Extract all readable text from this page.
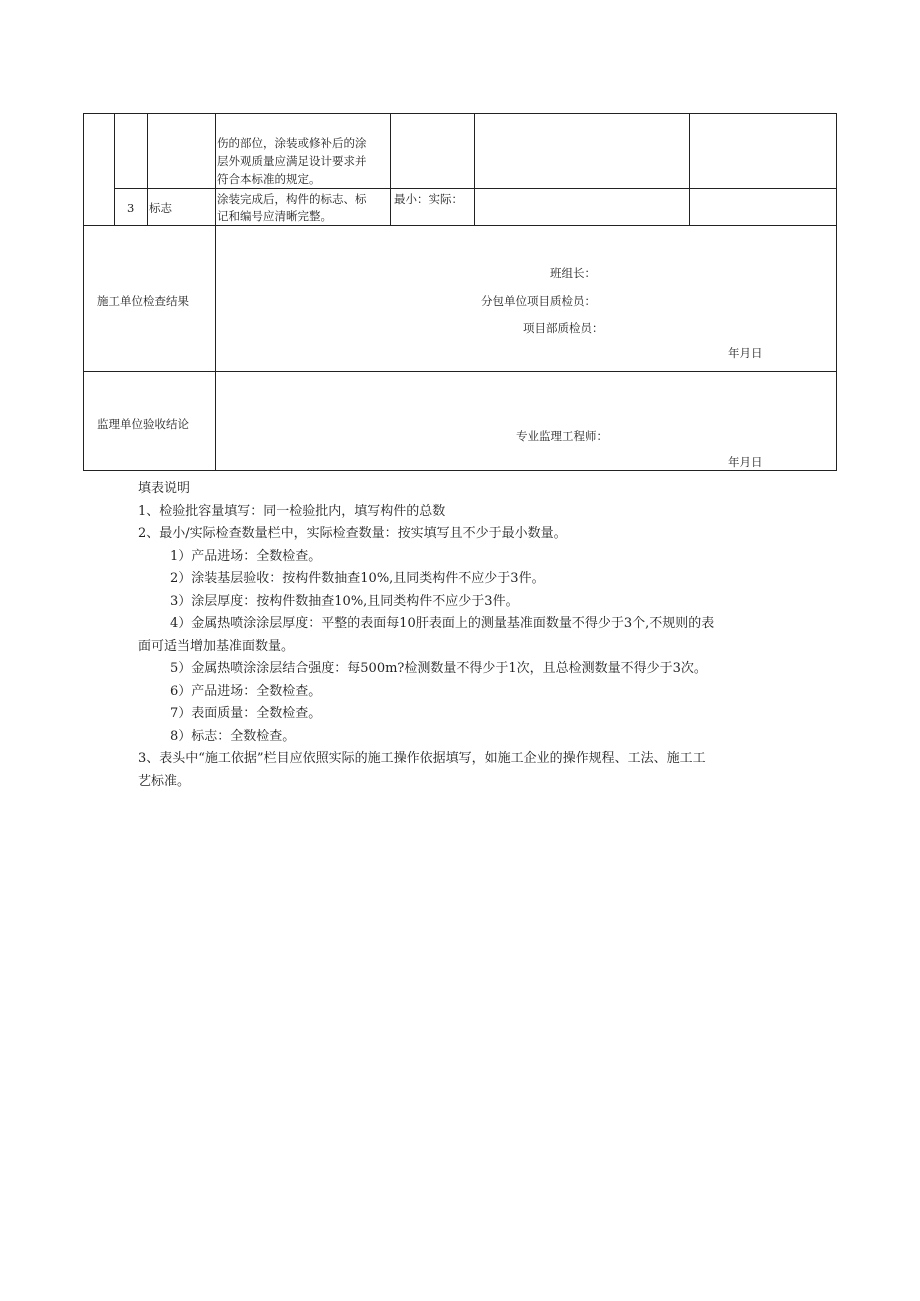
伤的部位，涂装或修补后的涂
层外观质量应满足设计要求并
符合本标准的规定。
3 标志
涂装完成后，构件的标志、标
记和编号应清晰完整。
最小：实际：
施工单位检查结果
班组长：
分包单位项目质检员：
项目部质检员：
年月日
监理单位验收结论
专业监理工程师：
年月日
填表说明
1、检验批容量填写：同一检验批内，填写构件的总数
2、最小/实际检查数量栏中，实际检查数量：按实填写且不少于最小数量。
1）产品进场：全数检查。
2）涂装基层验收：按构件数抽查10%,且同类构件不应少于3件。
3）涂层厚度：按构件数抽查10%,且同类构件不应少于3件。
4）金属热喷涂涂层厚度：平整的表面每10肝表面上的测量基准面数量不得少于3个,不规则的表
面可适当增加基准面数量。
5）金属热喷涂涂层结合强度：每500m?检测数量不得少于1次，且总检测数量不得少于3次。
6）产品进场：全数检查。
7）表面质量：全数检查。
8）标志：全数检查。
3、表头中“施工依据”栏目应依照实际的施工操作依据填写，如施工企业的操作规程、工法、施工工
艺标准。
